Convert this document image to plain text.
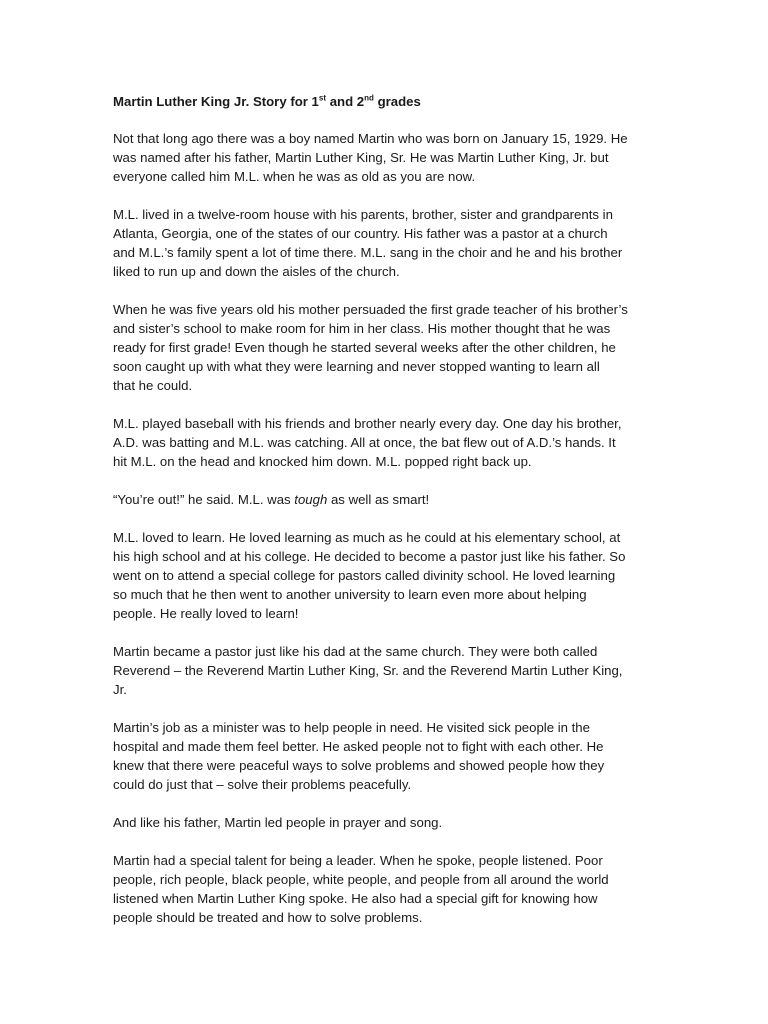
Martin Luther King Jr. Story for 1st and 2nd grades
Not that long ago there was a boy named Martin who was born on January 15, 1929. He
was named after his father, Martin Luther King, Sr. He was Martin Luther King, Jr. but
everyone called him M.L. when he was as old as you are now.
M.L. lived in a twelve-room house with his parents, brother, sister and grandparents in
Atlanta, Georgia, one of the states of our country. His father was a pastor at a church
and M.L.’s family spent a lot of time there. M.L. sang in the choir and he and his brother
liked to run up and down the aisles of the church.
When he was five years old his mother persuaded the first grade teacher of his brother’s
and sister’s school to make room for him in her class. His mother thought that he was
ready for first grade! Even though he started several weeks after the other children, he
soon caught up with what they were learning and never stopped wanting to learn all
that he could.
M.L. played baseball with his friends and brother nearly every day. One day his brother,
A.D. was batting and M.L. was catching. All at once, the bat flew out of A.D.’s hands. It
hit M.L. on the head and knocked him down. M.L. popped right back up.
“You’re out!” he said. M.L. was tough as well as smart!
M.L. loved to learn. He loved learning as much as he could at his elementary school, at
his high school and at his college. He decided to become a pastor just like his father. So
went on to attend a special college for pastors called divinity school. He loved learning
so much that he then went to another university to learn even more about helping
people. He really loved to learn!
Martin became a pastor just like his dad at the same church. They were both called
Reverend – the Reverend Martin Luther King, Sr. and the Reverend Martin Luther King,
Jr.
Martin’s job as a minister was to help people in need. He visited sick people in the
hospital and made them feel better. He asked people not to fight with each other. He
knew that there were peaceful ways to solve problems and showed people how they
could do just that – solve their problems peacefully.
And like his father, Martin led people in prayer and song.
Martin had a special talent for being a leader. When he spoke, people listened. Poor
people, rich people, black people, white people, and people from all around the world
listened when Martin Luther King spoke. He also had a special gift for knowing how
people should be treated and how to solve problems.
